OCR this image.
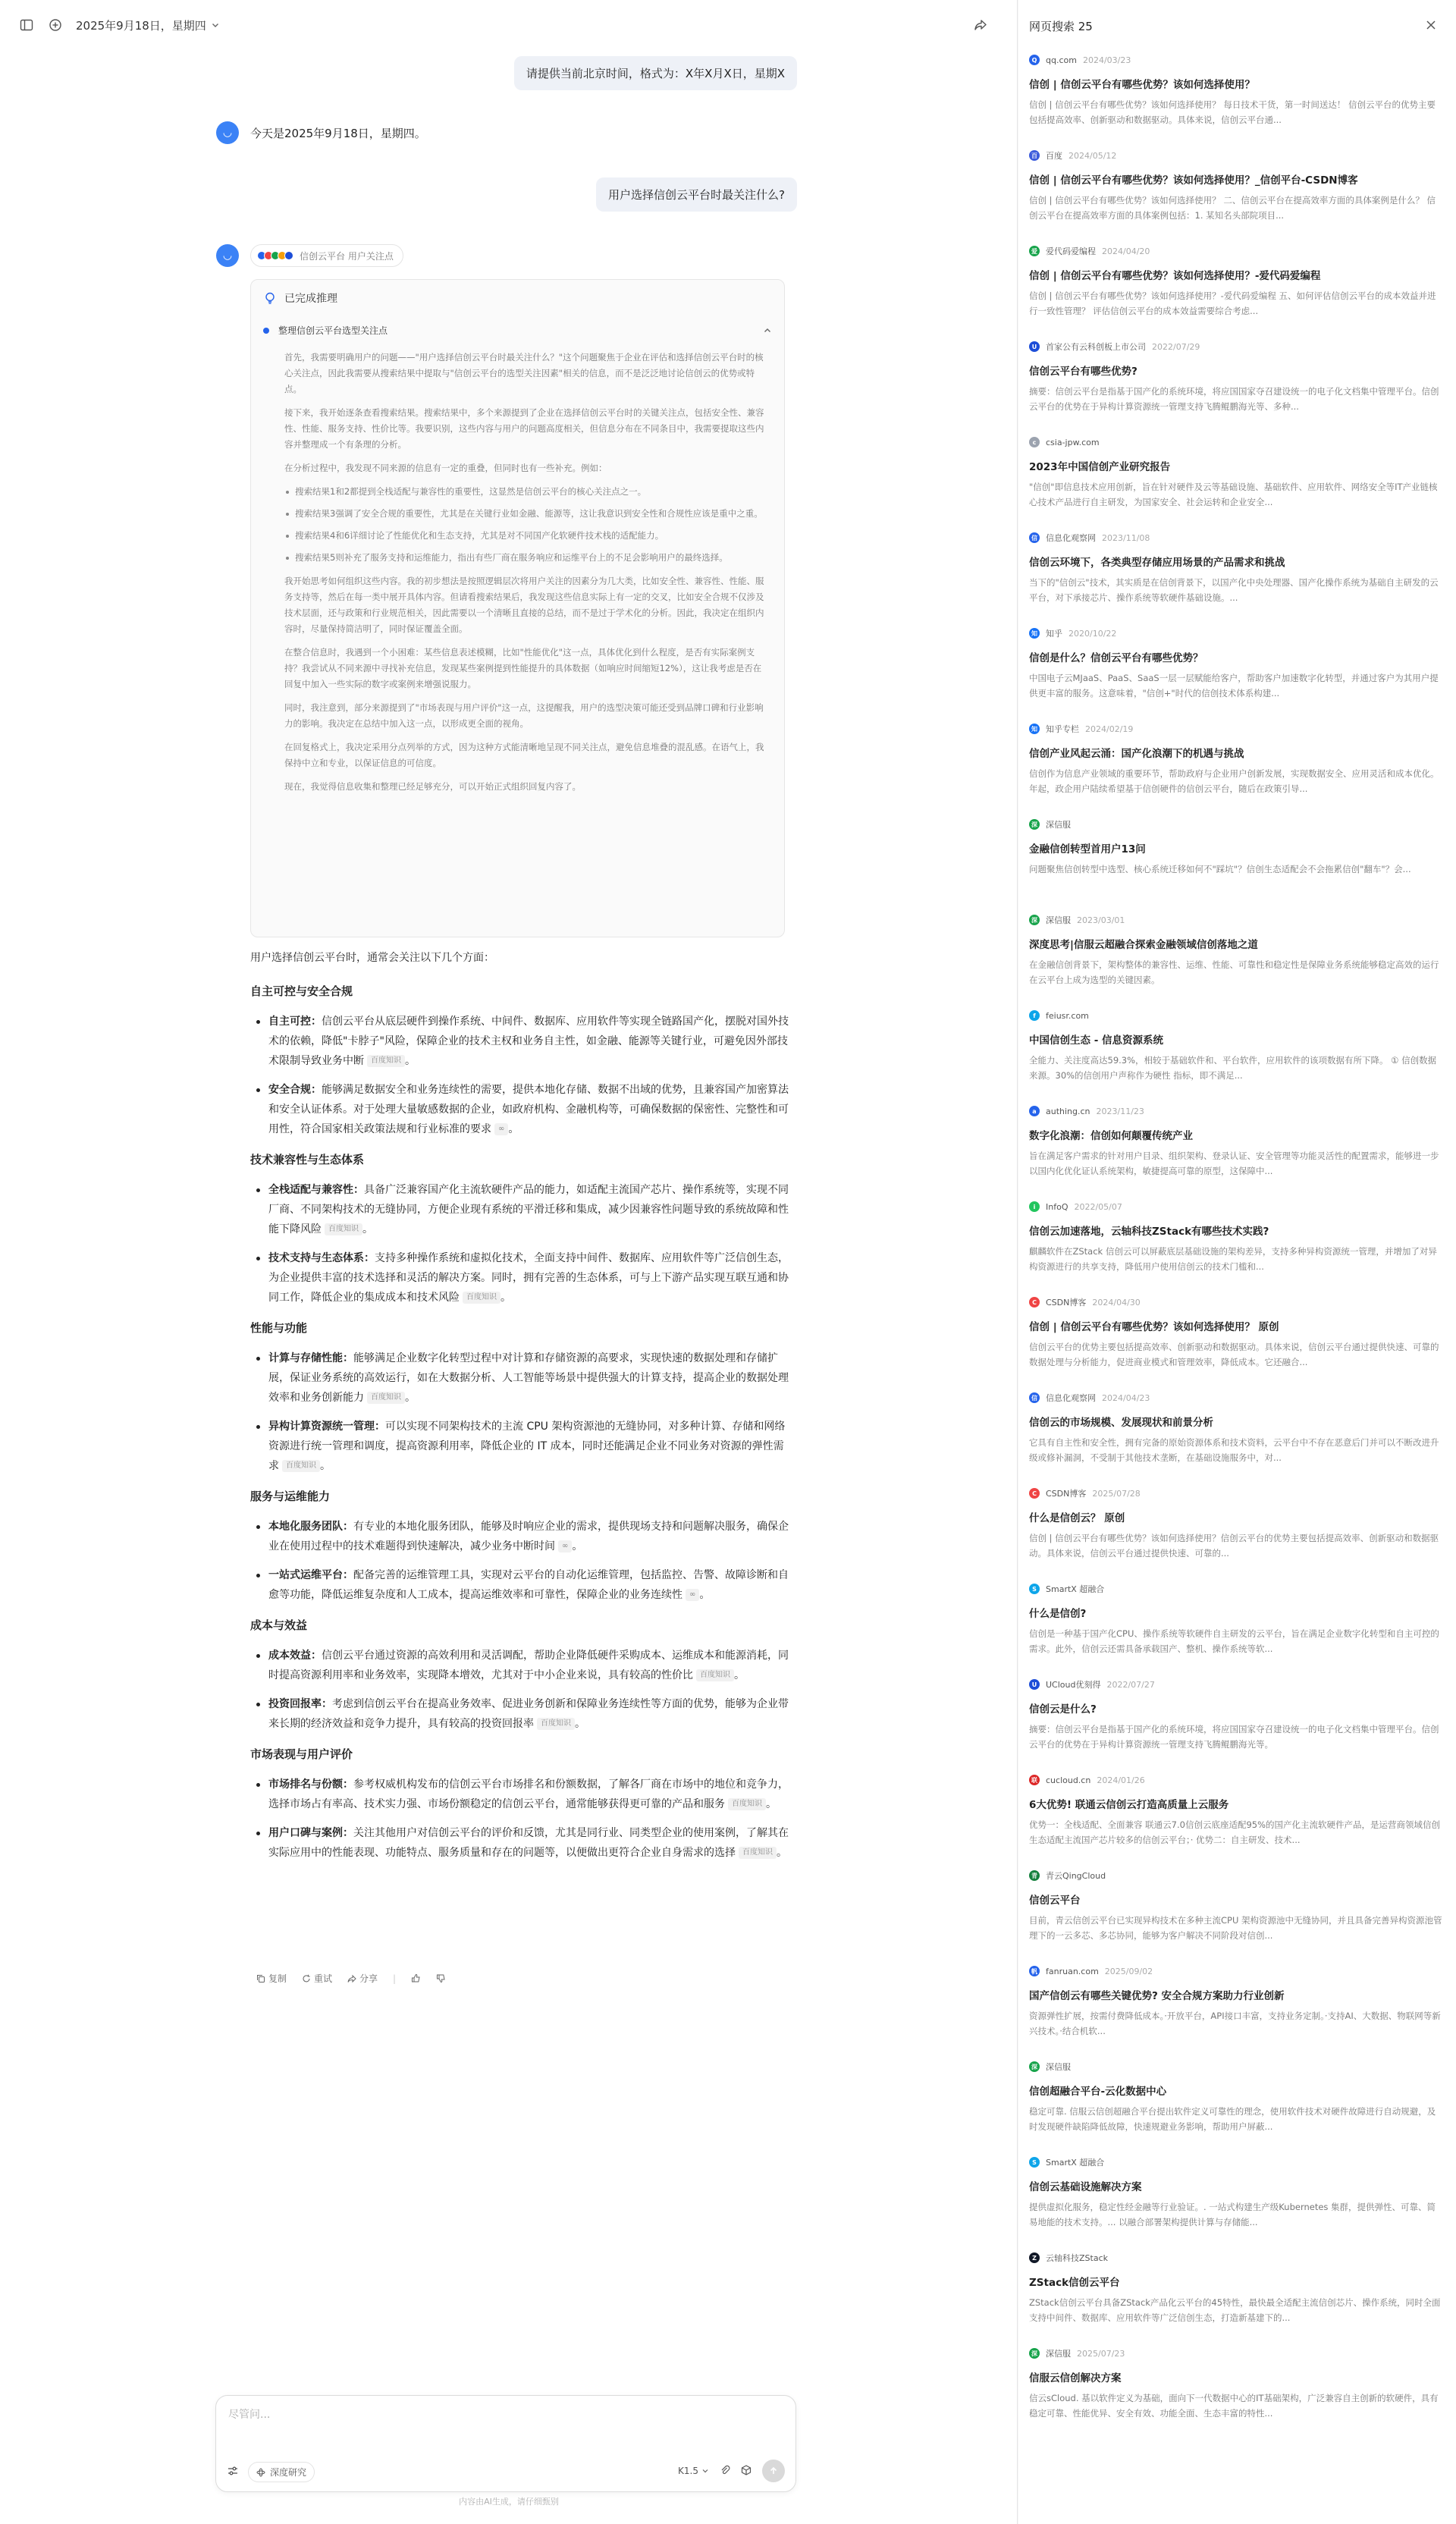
2025年9月18日，星期四
请提供当前北京时间，格式为：X年X月X日，星期X
◡ 今天是2025年9月18日，星期四。
用户选择信创云平台时最关注什么?
◡	信创云平台 用户关注点
已完成推理
整理信创云平台选型关注点

首先，我需要明确用户的问题——"用户选择信创云平台时最关注什么？"这个问题聚焦于企业在评估和选择信创云平台时的核心关注点，因此我需要从搜索结果中提取与"信创云平台的选型关注因素"相关的信息，而不是泛泛地讨论信创云的优势或特点。

接下来，我开始逐条查看搜索结果。搜索结果中，多个来源提到了企业在选择信创云平台时的关键关注点，包括安全性、兼容性、性能、服务支持、性价比等。我要识别，这些内容与用户的问题高度相关，但信息分布在不同条目中，我需要提取这些内容并整理成一个有条理的分析。

在分析过程中，我发现不同来源的信息有一定的重叠，但同时也有一些补充。例如：

搜索结果1和2都提到全栈适配与兼容性的重要性，这显然是信创云平台的核心关注点之一。
搜索结果3强调了安全合规的重要性，尤其是在关键行业如金融、能源等，这让我意识到安全性和合规性应该是重中之重。
搜索结果4和6详细讨论了性能优化和生态支持，尤其是对不同国产化软硬件技术栈的适配能力。
搜索结果5则补充了服务支持和运维能力，指出有些厂商在服务响应和运维平台上的不足会影响用户的最终选择。

我开始思考如何组织这些内容。我的初步想法是按照逻辑层次将用户关注的因素分为几大类，比如安全性、兼容性、性能、服务支持等，然后在每一类中展开具体内容。但请看搜索结果后，我发现这些信息实际上有一定的交叉，比如安全合规不仅涉及技术层面，还与政策和行业规范相关，因此需要以一个清晰且直接的总结，而不是过于学术化的分析。因此，我决定在组织内容时，尽量保持简洁明了，同时保证覆盖全面。

在整合信息时，我遇到一个小困难：某些信息表述模糊，比如"性能优化"这一点，具体优化到什么程度，是否有实际案例支持？我尝试从不同来源中寻找补充信息，发现某些案例提到性能提升的具体数据（如响应时间缩短12%），这让我考虑是否在回复中加入一些实际的数字或案例来增强说服力。

同时，我注意到，部分来源提到了"市场表现与用户评价"这一点，这提醒我，用户的选型决策可能还受到品牌口碑和行业影响力的影响。我决定在总结中加入这一点，以形成更全面的视角。

在回复格式上，我决定采用分点列举的方式，因为这种方式能清晰地呈现不同关注点，避免信息堆叠的混乱感。在语气上，我保持中立和专业，以保证信息的可信度。

现在，我觉得信息收集和整理已经足够充分，可以开始正式组织回复内容了。

用户选择信创云平台时，通常会关注以下几个方面：

自主可控与安全合规
自主可控：信创云平台从底层硬件到操作系统、中间件、数据库、应用软件等实现全链路国产化，摆脱对国外技术的依赖，降低"卡脖子"风险，保障企业的技术主权和业务自主性，如金融、能源等关键行业，可避免因外部技术限制导致业务中断 百度知识 。
安全合规：能够满足数据安全和业务连续性的需要，提供本地化存储、数据不出域的优势，且兼容国产加密算法和安全认证体系。对于处理大量敏感数据的企业，如政府机构、金融机构等，可确保数据的保密性、完整性和可用性，符合国家相关政策法规和行业标准的要求 ∞ 。
技术兼容性与生态体系
全栈适配与兼容性：具备广泛兼容国产化主流软硬件产品的能力，如适配主流国产芯片、操作系统等，实现不同厂商、不同架构技术的无缝协同，方便企业现有系统的平滑迁移和集成，减少因兼容性问题导致的系统故障和性能下降风险 百度知识 。
技术支持与生态体系：支持多种操作系统和虚拟化技术，全面支持中间件、数据库、应用软件等广泛信创生态，为企业提供丰富的技术选择和灵活的解决方案。同时，拥有完善的生态体系，可与上下游产品实现互联互通和协同工作，降低企业的集成成本和技术风险 百度知识 。
性能与功能
计算与存储性能：能够满足企业数字化转型过程中对计算和存储资源的高要求，实现快速的数据处理和存储扩展，保证业务系统的高效运行，如在大数据分析、人工智能等场景中提供强大的计算支持，提高企业的数据处理效率和业务创新能力 百度知识 。
异构计算资源统一管理：可以实现不同架构技术的主流 CPU 架构资源池的无缝协同，对多种计算、存储和网络资源进行统一管理和调度，提高资源利用率，降低企业的 IT 成本，同时还能满足企业不同业务对资源的弹性需求 百度知识 。
服务与运维能力
本地化服务团队：有专业的本地化服务团队，能够及时响应企业的需求，提供现场支持和问题解决服务，确保企业在使用过程中的技术难题得到快速解决，减少业务中断时间 ∞ 。
一站式运维平台：配备完善的运维管理工具，实现对云平台的自动化运维管理，包括监控、告警、故障诊断和自愈等功能，降低运维复杂度和人工成本，提高运维效率和可靠性，保障企业的业务连续性 ∞ 。
成本与效益
成本效益：信创云平台通过资源的高效利用和灵活调配，帮助企业降低硬件采购成本、运维成本和能源消耗，同时提高资源利用率和业务效率，实现降本增效，尤其对于中小企业来说，具有较高的性价比 百度知识 。
投资回报率：考虑到信创云平台在提高业务效率、促进业务创新和保障业务连续性等方面的优势，能够为企业带来长期的经济效益和竞争力提升，具有较高的投资回报率 百度知识 。
市场表现与用户评价
市场排名与份额：参考权威机构发布的信创云平台市场排名和份额数据，了解各厂商在市场中的地位和竞争力，选择市场占有率高、技术实力强、市场份额稳定的信创云平台，通常能够获得更可靠的产品和服务 百度知识 。
用户口碑与案例：关注其他用户对信创云平台的评价和反馈，尤其是同行业、同类型企业的使用案例，了解其在实际应用中的性能表现、功能特点、服务质量和存在的问题等，以便做出更符合企业自身需求的选择 百度知识 。
复制	重试	分享 |
尽管问...
深度研究	K1.5
内容由AI生成，请仔细甄别
网页搜索 25
Q	qq.com 2024/03/23
信创 | 信创云平台有哪些优势？该如何选择使用？
信创 | 信创云平台有哪些优势？该如何选择使用？ 每日技术干货，第一时间送达！ 信创云平台的优势主要包括提高效率、创新驱动和数据驱动。具体来说，信创云平台通...
百 百度 2024/05/12
信创 | 信创云平台有哪些优势？该如何选择使用？_信创平台-CSDN博客
信创 | 信创云平台有哪些优势？该如何选择使用？ 二、信创云平台在提高效率方面的具体案例是什么？ 信创云平台在提高效率方面的具体案例包括：1. 某知名头部院项目...
爱 爱代码爱编程 2024/04/20
信创 | 信创云平台有哪些优势？该如何选择使用？-爱代码爱编程
信创 | 信创云平台有哪些优势？该如何选择使用？-爱代码爱编程 五、如何评估信创云平台的成本效益并进行一致性管理？ 评估信创云平台的成本效益需要综合考虑...
U	首家公有云科创板上市公司 2022/07/29
信创云平台有哪些优势?
摘要：信创云平台是指基于国产化的系统环境，将应国国家夺召建设统一的电子化文档集中管理平台。信创云平台的优势在于异构计算资源统一管理支持飞腾鲲鹏海光等、多种...
c	csia-jpw.com
2023年中国信创产业研究报告
"信创"即信息技术应用创新，旨在针对硬件及云等基础设施、基础软件、应用软件、网络安全等IT产业链核心技术产品进行自主研发，为国家安全、社会运转和企业安全...
信 信息化观察网 2023/11/08
信创云环境下，各类典型存储应用场景的产品需求和挑战
当下的"信创云"技术，其实质是在信创背景下，以国产化中央处理器、国产化操作系统为基础自主研发的云平台，对下承接芯片、操作系统等软硬件基础设施。...
知 知乎 2020/10/22
信创是什么？信创云平台有哪些优势？
中国电子云MJaaS、PaaS、SaaS一层一层赋能给客户，帮助客户加速数字化转型，并通过客户为其用户提供更丰富的服务。这意味着，"信创+"时代的信创技术体系构建...
知 知乎专栏 2024/02/19
信创产业风起云涌：国产化浪潮下的机遇与挑战
信创作为信息产业领域的重要环节，帮助政府与企业用户创新发展，实现数据安全、应用灵活和成本优化。年起，政企用户陆续希望基于信创硬件的信创云平台，随后在政策引导...
深 深信服
金融信创转型首用户13问
问题聚焦信创转型中选型、核心系统迁移如何不"踩坑"？信创生态适配会不会拖累信创"翻车"？会...
深 深信服 2023/03/01
深度思考|信服云超融合探索金融领域信创落地之道
在金融信创背景下，架构整体的兼容性、运维、性能、可靠性和稳定性是保障业务系统能够稳定高效的运行在云平台上成为选型的关键因素。
f	feiusr.com
中国信创生态 - 信息资源系统
全能力、关注度高达59.3%，相较于基础软件和、平台软件，应用软件的该项数据有所下降。 ① 信创数据来源。30%的信创用户声称作为硬性 指标，即不满足...
a	authing.cn 2023/11/23
数字化浪潮：信创如何颠覆传统产业
旨在满足客户需求的针对用户目录、组织架构、登录认证、安全管理等功能灵活性的配置需求，能够进一步以国内化优化证认系统架构，敏捷提高可靠的原型，这保障中...
i	InfoQ 2022/05/07
信创云加速落地，云轴科技ZStack有哪些技术实践?
麒麟软件在ZStack 信创云可以屏蔽底层基础设施的架构差异，支持多种异构资源统一管理，并增加了对异构资源进行的共享支持，降低用户使用信创云的技术门槛和...
C	CSDN博客 2024/04/30
信创 | 信创云平台有哪些优势？该如何选择使用？ 原创
信创云平台的优势主要包括提高效率、创新驱动和数据驱动。具体来说，信创云平台通过提供快速、可靠的数据处理与分析能力，促进商业模式和管理效率，降低成本。它还融合...
信 信息化观察网 2024/04/23
信创云的市场规模、发展现状和前景分析
它具有自主性和安全性，拥有完备的原始资源体系和技术资料，云平台中不存在恶意后门并可以不断改进升级或修补漏洞，不受制于其他技术垄断，在基础设施服务中，对...
C	CSDN博客 2025/07/28
什么是信创云？ 原创
信创 | 信创云平台有哪些优势？该如何选择使用？信创云平台的优势主要包括提高效率、创新驱动和数据驱动。具体来说，信创云平台通过提供快速、可靠的...
S	SmartX 超融合
什么是信创?
信创是一种基于国产化CPU、操作系统等软硬件自主研发的云平台，旨在满足企业数字化转型和自主可控的需求。此外，信创云还需具备承载国产、整机、操作系统等软...
U	UCloud优刻得 2022/07/27
信创云是什么?
摘要：信创云平台是指基于国产化的系统环境，将应国国家夺召建设统一的电子化文档集中管理平台。信创云平台的优势在于异构计算资源统一管理支持飞腾鲲鹏海光等。
联 cucloud.cn 2024/01/26
6大优势! 联通云信创云打造高质量上云服务
优势一：全栈适配、全面兼容 联通云7.0信创云底座适配95%的国产化主流软硬件产品，是运营商领域信创生态适配主流国产芯片较多的信创云平台；· 优势二：自主研发、技术...
青 青云QingCloud
信创云平台
目前，青云信创云平台已实现异构技术在多种主流CPU 架构资源池中无缝协同，并且具备完善异构资源池管理下的一云多芯、多芯协同，能够为客户解决不同阶段对信创...
帆 fanruan.com 2025/09/02
国产信创云有哪些关键优势? 安全合规方案助力行业创新
资源弹性扩展，按需付费降低成本。·开放平台，API接口丰富，支持业务定制。·支持AI、大数据、物联网等新兴技术。·结合机软...
深 深信服
信创超融合平台-云化数据中心
稳定可靠. 信服云信创超融合平台提出软件定义可靠性的理念，使用软件技术对硬件故障进行自动规避，及时发现硬件缺陷降低故障，快速规避业务影响，帮助用户屏蔽...
S	SmartX 超融合
信创云基础设施解决方案
提供虚拟化服务，稳定性经金融等行业验证。. 一站式构建生产级Kubernetes 集群，提供弹性、可靠、简易地能的技术支持。... 以融合部署架构提供计算与存储能...
Z	云轴科技ZStack
ZStack信创云平台
ZStack信创云平台具备ZStack产品化云平台的45特性，最快最全适配主流信创芯片、操作系统，同时全面支持中间件、数据库、应用软件等广泛信创生态，打造新基建下的...
深 深信服 2025/07/23
信服云信创解决方案
信云sCloud. 基以软件定义为基础，面向下一代数据中心的IT基础架构，广泛兼容自主创新的软硬件，具有稳定可靠、性能优异、安全有效、功能全面、生态丰富的特性...
